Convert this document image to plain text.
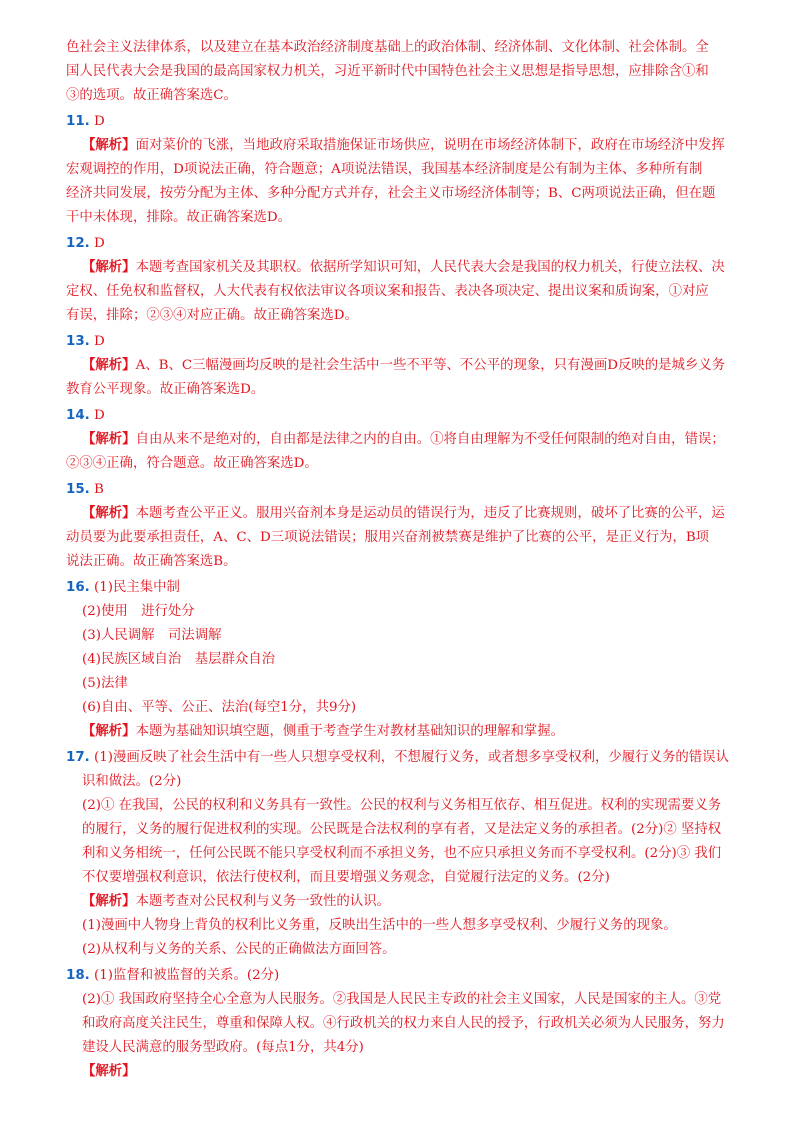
色社会主义法律体系，以及建立在基本政治经济制度基础上的政治体制、经济体制、文化体制、社会体制。全

国人民代表大会是我国的最高国家权力机关，习近平新时代中国特色社会主义思想是指导思想，应排除含①和

③的选项。故正确答案选C。

11. D

【解析】面对菜价的飞涨，当地政府采取措施保证市场供应，说明在市场经济体制下，政府在市场经济中发挥

宏观调控的作用，D项说法正确，符合题意；A项说法错误，我国基本经济制度是公有制为主体、多种所有制

经济共同发展，按劳分配为主体、多种分配方式并存，社会主义市场经济体制等；B、C两项说法正确，但在题

干中未体现，排除。故正确答案选D。

12. D

【解析】本题考查国家机关及其职权。依据所学知识可知，人民代表大会是我国的权力机关，行使立法权、决

定权、任免权和监督权，人大代表有权依法审议各项议案和报告、表决各项决定、提出议案和质询案，①对应

有误，排除；②③④对应正确。故正确答案选D。

13. D

【解析】A、B、C三幅漫画均反映的是社会生活中一些不平等、不公平的现象，只有漫画D反映的是城乡义务

教育公平现象。故正确答案选D。

14. D

【解析】自由从来不是绝对的，自由都是法律之内的自由。①将自由理解为不受任何限制的绝对自由，错误；

②③④正确，符合题意。故正确答案选D。

15. B

【解析】本题考查公平正义。服用兴奋剂本身是运动员的错误行为，违反了比赛规则，破坏了比赛的公平，运

动员要为此要承担责任，A、C、D三项说法错误；服用兴奋剂被禁赛是维护了比赛的公平，是正义行为，B项

说法正确。故正确答案选B。

16. (1)民主集中制

(2)使用　进行处分

(3)人民调解　司法调解

(4)民族区域自治　基层群众自治

(5)法律

(6)自由、平等、公正、法治(每空1分，共9分)

【解析】本题为基础知识填空题，侧重于考查学生对教材基础知识的理解和掌握。

17. (1)漫画反映了社会生活中有一些人只想享受权利，不想履行义务，或者想多享受权利，少履行义务的错误认

识和做法。(2分)

(2)① 在我国，公民的权利和义务具有一致性。公民的权利与义务相互依存、相互促进。权利的实现需要义务

的履行，义务的履行促进权利的实现。公民既是合法权利的享有者，又是法定义务的承担者。(2分)② 坚持权

利和义务相统一，任何公民既不能只享受权利而不承担义务，也不应只承担义务而不享受权利。(2分)③ 我们

不仅要增强权利意识，依法行使权利，而且要增强义务观念，自觉履行法定的义务。(2分)

【解析】本题考查对公民权利与义务一致性的认识。

(1)漫画中人物身上背负的权利比义务重，反映出生活中的一些人想多享受权利、少履行义务的现象。

(2)从权利与义务的关系、公民的正确做法方面回答。

18. (1)监督和被监督的关系。(2分)

(2)① 我国政府坚持全心全意为人民服务。②我国是人民民主专政的社会主义国家，人民是国家的主人。③党

和政府高度关注民生，尊重和保障人权。④行政机关的权力来自人民的授予，行政机关必须为人民服务，努力

建设人民满意的服务型政府。(每点1分，共4分)

【解析】
